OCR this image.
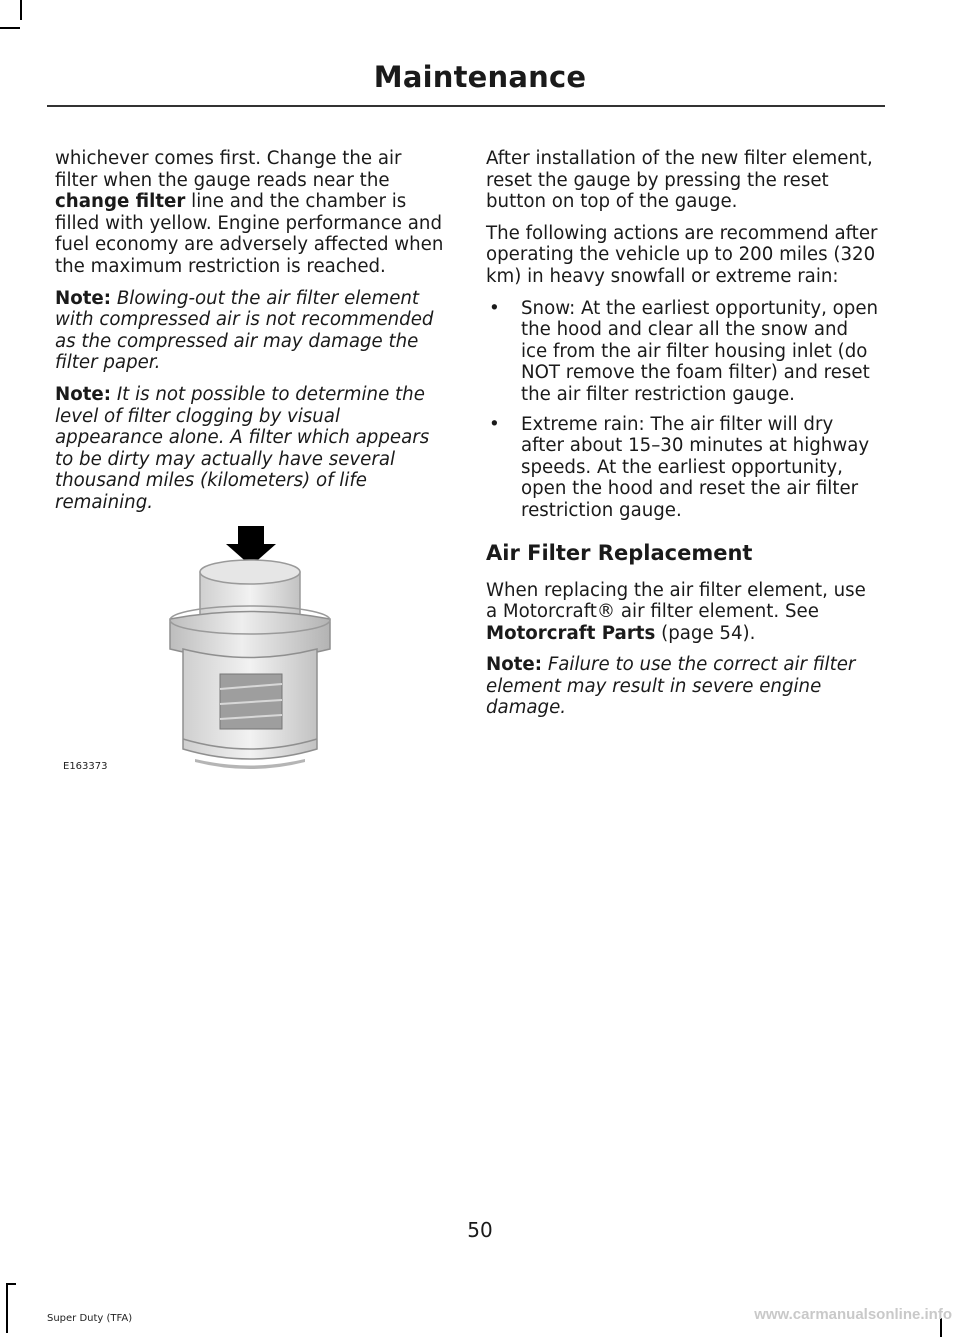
Maintenance

whichever comes first. Change the air filter when the gauge reads near the change filter line and the chamber is filled with yellow. Engine performance and fuel economy are adversely affected when the maximum restriction is reached.

Note: Blowing-out the air filter element with compressed air is not recommended as the compressed air may damage the filter paper.

Note: It is not possible to determine the level of filter clogging by visual appearance alone. A filter which appears to be dirty may actually have several thousand miles (kilometers) of life remaining.

E163373

After installation of the new filter element, reset the gauge by pressing the reset button on top of the gauge.

The following actions are recommend after operating the vehicle up to 200 miles (320 km) in heavy snowfall or extreme rain:

• Snow: At the earliest opportunity, open the hood and clear all the snow and ice from the air filter housing inlet (do NOT remove the foam filter) and reset the air filter restriction gauge.
• Extreme rain: The air filter will dry after about 15–30 minutes at highway speeds. At the earliest opportunity, open the hood and reset the air filter restriction gauge.
Air Filter Replacement

When replacing the air filter element, use a Motorcraft® air filter element. See Motorcraft Parts (page 54).

Note: Failure to use the correct air filter element may result in severe engine damage.

50
Super Duty (TFA)	www.carmanualsonline.info
